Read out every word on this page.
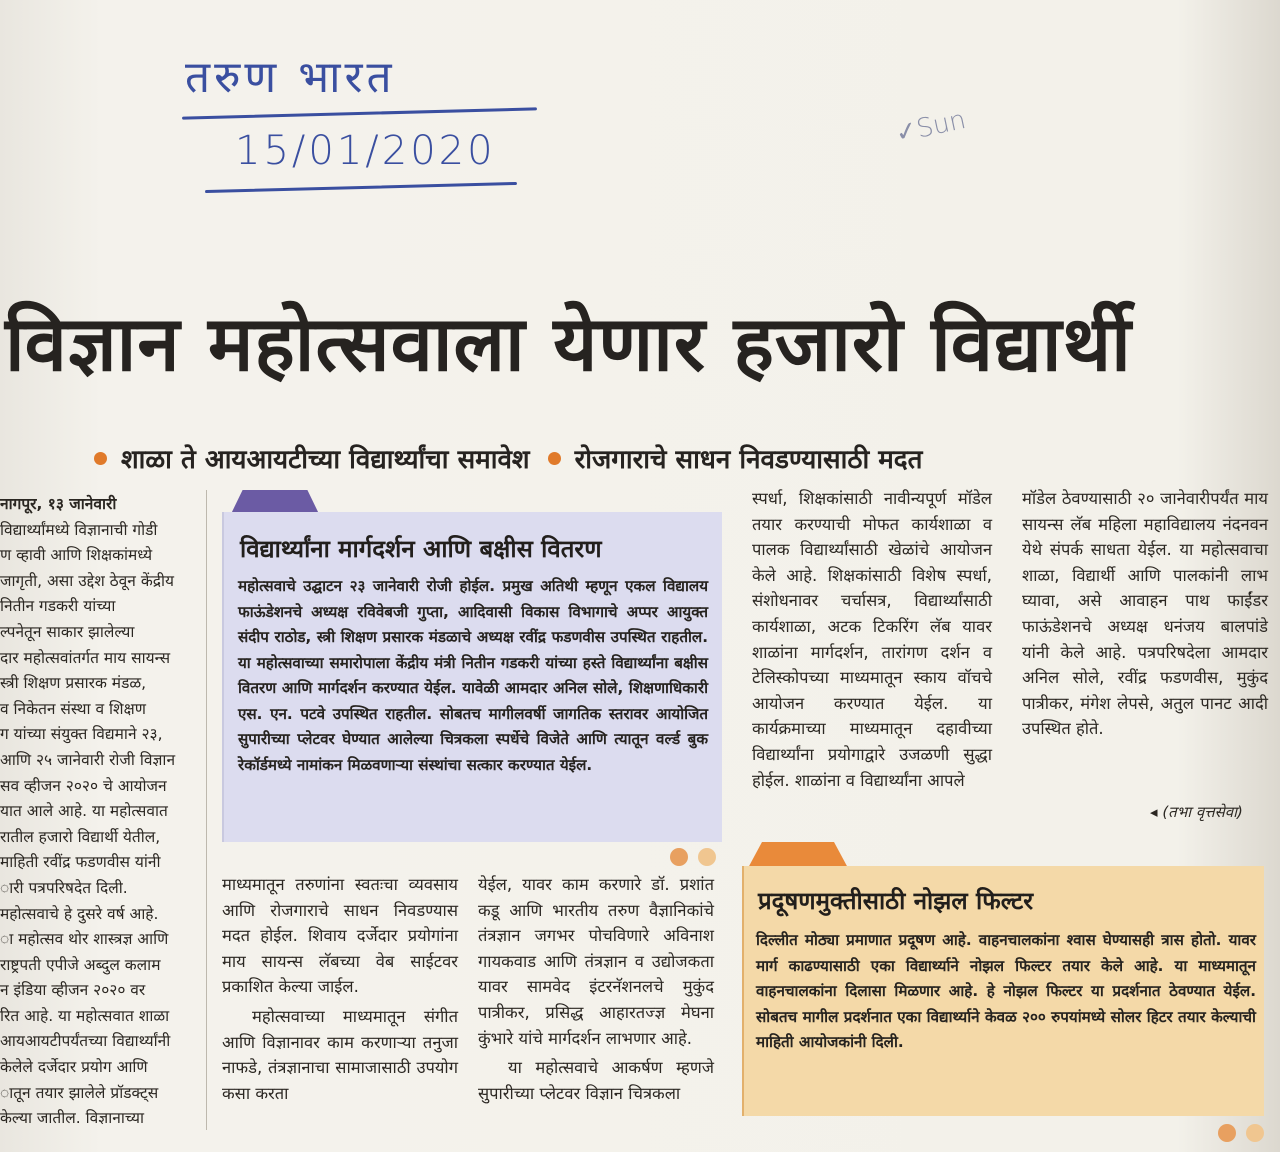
तरुण भारत
15/01/2020
✓Sun
विज्ञान महोत्सवाला येणार हजारो विद्यार्थी
शाळा ते आयआयटीच्या विद्यार्थ्यांचा समावेश रोजगाराचे साधन निवडण्यासाठी मदत

नागपूर, १३ जानेवारी

विद्यार्थ्यांमध्ये विज्ञानाची गोडी

ण व्हावी आणि शिक्षकांमध्ये

जागृती, असा उद्देश ठेवून केंद्रीय

नितीन गडकरी यांच्या

ल्पनेतून साकार झालेल्या

दार महोत्सवांतर्गत माय सायन्स

स्त्री शिक्षण प्रसारक मंडळ,

व निकेतन संस्था व शिक्षण

ग यांच्या संयुक्त विद्यमाने २३,

आणि २५ जानेवारी रोजी विज्ञान

सव व्हीजन २०२० चे आयोजन

यात आले आहे. या महोत्सवात

रातील हजारो विद्यार्थी येतील,

माहिती रवींद्र फडणवीस यांनी

ारी पत्रपरिषदेत दिली.

महोत्सवाचे हे दुसरे वर्ष आहे.

ा महोत्सव थोर शास्त्रज्ञ आणि

राष्ट्रपती एपीजे अब्दुल कलाम

न इंडिया व्हीजन २०२० वर

रित आहे. या महोत्सवात शाळा

आयआयटीपर्यंतच्या विद्यार्थ्यांनी

केलेले दर्जेदार प्रयोग आणि

ातून तयार झालेले प्रॉडक्ट्स

केल्या जातील. विज्ञानाच्या

विद्यार्थ्यांना मार्गदर्शन आणि बक्षीस वितरण
महोत्सवाचे उद्घाटन २३ जानेवारी रोजी होईल. प्रमुख अतिथी म्हणून एकल विद्यालय फाऊंडेशनचे अध्यक्ष रविवेबजी गुप्ता, आदिवासी विकास विभागाचे अप्पर आयुक्त संदीप राठोड, स्त्री शिक्षण प्रसारक मंडळाचे अध्यक्ष रवींद्र फडणवीस उपस्थित राहतील. या महोत्सवाच्या समारोपाला केंद्रीय मंत्री नितीन गडकरी यांच्या हस्ते विद्यार्थ्यांना बक्षीस वितरण आणि मार्गदर्शन करण्यात येईल. यावेळी आमदार अनिल सोले, शिक्षणाधिकारी एस. एन. पटवे उपस्थित राहतील. सोबतच मागीलवर्षी जागतिक स्तरावर आयोजित सुपारीच्या प्लेटवर घेण्यात आलेल्या चित्रकला स्पर्धेचे विजेते आणि त्यातून वर्ल्ड बुक रेकॉर्डमध्ये नामांकन मिळवणाऱ्या संस्थांचा सत्कार करण्यात येईल.

माध्यमातून तरुणांना स्वतःचा व्यवसाय आणि रोजगाराचे साधन निवडण्यास मदत होईल. शिवाय दर्जेदार प्रयोगांना माय सायन्स लॅबच्या वेब साईटवर प्रकाशित केल्या जाईल.

महोत्सवाच्या माध्यमातून संगीत आणि विज्ञानावर काम करणाऱ्या तनुजा नाफडे, तंत्रज्ञानाचा सामाजासाठी उपयोग कसा करता

येईल, यावर काम करणारे डॉ. प्रशांत कडू आणि भारतीय तरुण वैज्ञानिकांचे तंत्रज्ञान जगभर पोचविणारे अविनाश गायकवाड आणि तंत्रज्ञान व उद्योजकता यावर सामवेद इंटरनॅशनलचे मुकुंद पात्रीकर, प्रसिद्ध आहारतज्ज्ञ मेघना कुंभारे यांचे मार्गदर्शन लाभणार आहे.

या महोत्सवाचे आकर्षण म्हणजे सुपारीच्या प्लेटवर विज्ञान चित्रकला

स्पर्धा, शिक्षकांसाठी नावीन्यपूर्ण मॉडेल तयार करण्याची मोफत कार्यशाळा व पालक विद्यार्थ्यांसाठी खेळांचे आयोजन केले आहे. शिक्षकांसाठी विशेष स्पर्धा, संशोधनावर चर्चासत्र, विद्यार्थ्यांसाठी कार्यशाळा, अटक टिकरिंग लॅब यावर शाळांना मार्गदर्शन, तारांगण दर्शन व टेलिस्कोपच्या माध्यमातून स्काय वॉचचे आयोजन करण्यात येईल. या कार्यक्रमाच्या माध्यमातून दहावीच्या विद्यार्थ्यांना प्रयोगाद्वारे उजळणी सुद्धा होईल. शाळांना व विद्यार्थ्यांना आपले

मॉडेल ठेवण्यासाठी २० जानेवारीपर्यंत माय सायन्स लॅब महिला महाविद्यालय नंदनवन येथे संपर्क साधता येईल. या महोत्सवाचा शाळा, विद्यार्थी आणि पालकांनी लाभ घ्यावा, असे आवाहन पाथ फाईंडर फाऊंडेशनचे अध्यक्ष धनंजय बालपांडे यांनी केले आहे. पत्रपरिषदेला आमदार अनिल सोले, रवींद्र फडणवीस, मुकुंद पात्रीकर, मंगेश लेपसे, अतुल पानट आदी उपस्थित होते.

◂ (तभा वृत्तसेवा)
प्रदूषणमुक्तीसाठी नोझल फिल्टर
दिल्लीत मोठ्या प्रमाणात प्रदूषण आहे. वाहनचालकांना श्वास घेण्यासही त्रास होतो. यावर मार्ग काढण्यासाठी एका विद्यार्थ्याने नोझल फिल्टर तयार केले आहे. या माध्यमातून वाहनचालकांना दिलासा मिळणार आहे. हे नोझल फिल्टर या प्रदर्शनात ठेवण्यात येईल. सोबतच मागील प्रदर्शनात एका विद्यार्थ्याने केवळ २०० रुपयांमध्ये सोलर हिटर तयार केल्याची माहिती आयोजकांनी दिली.
